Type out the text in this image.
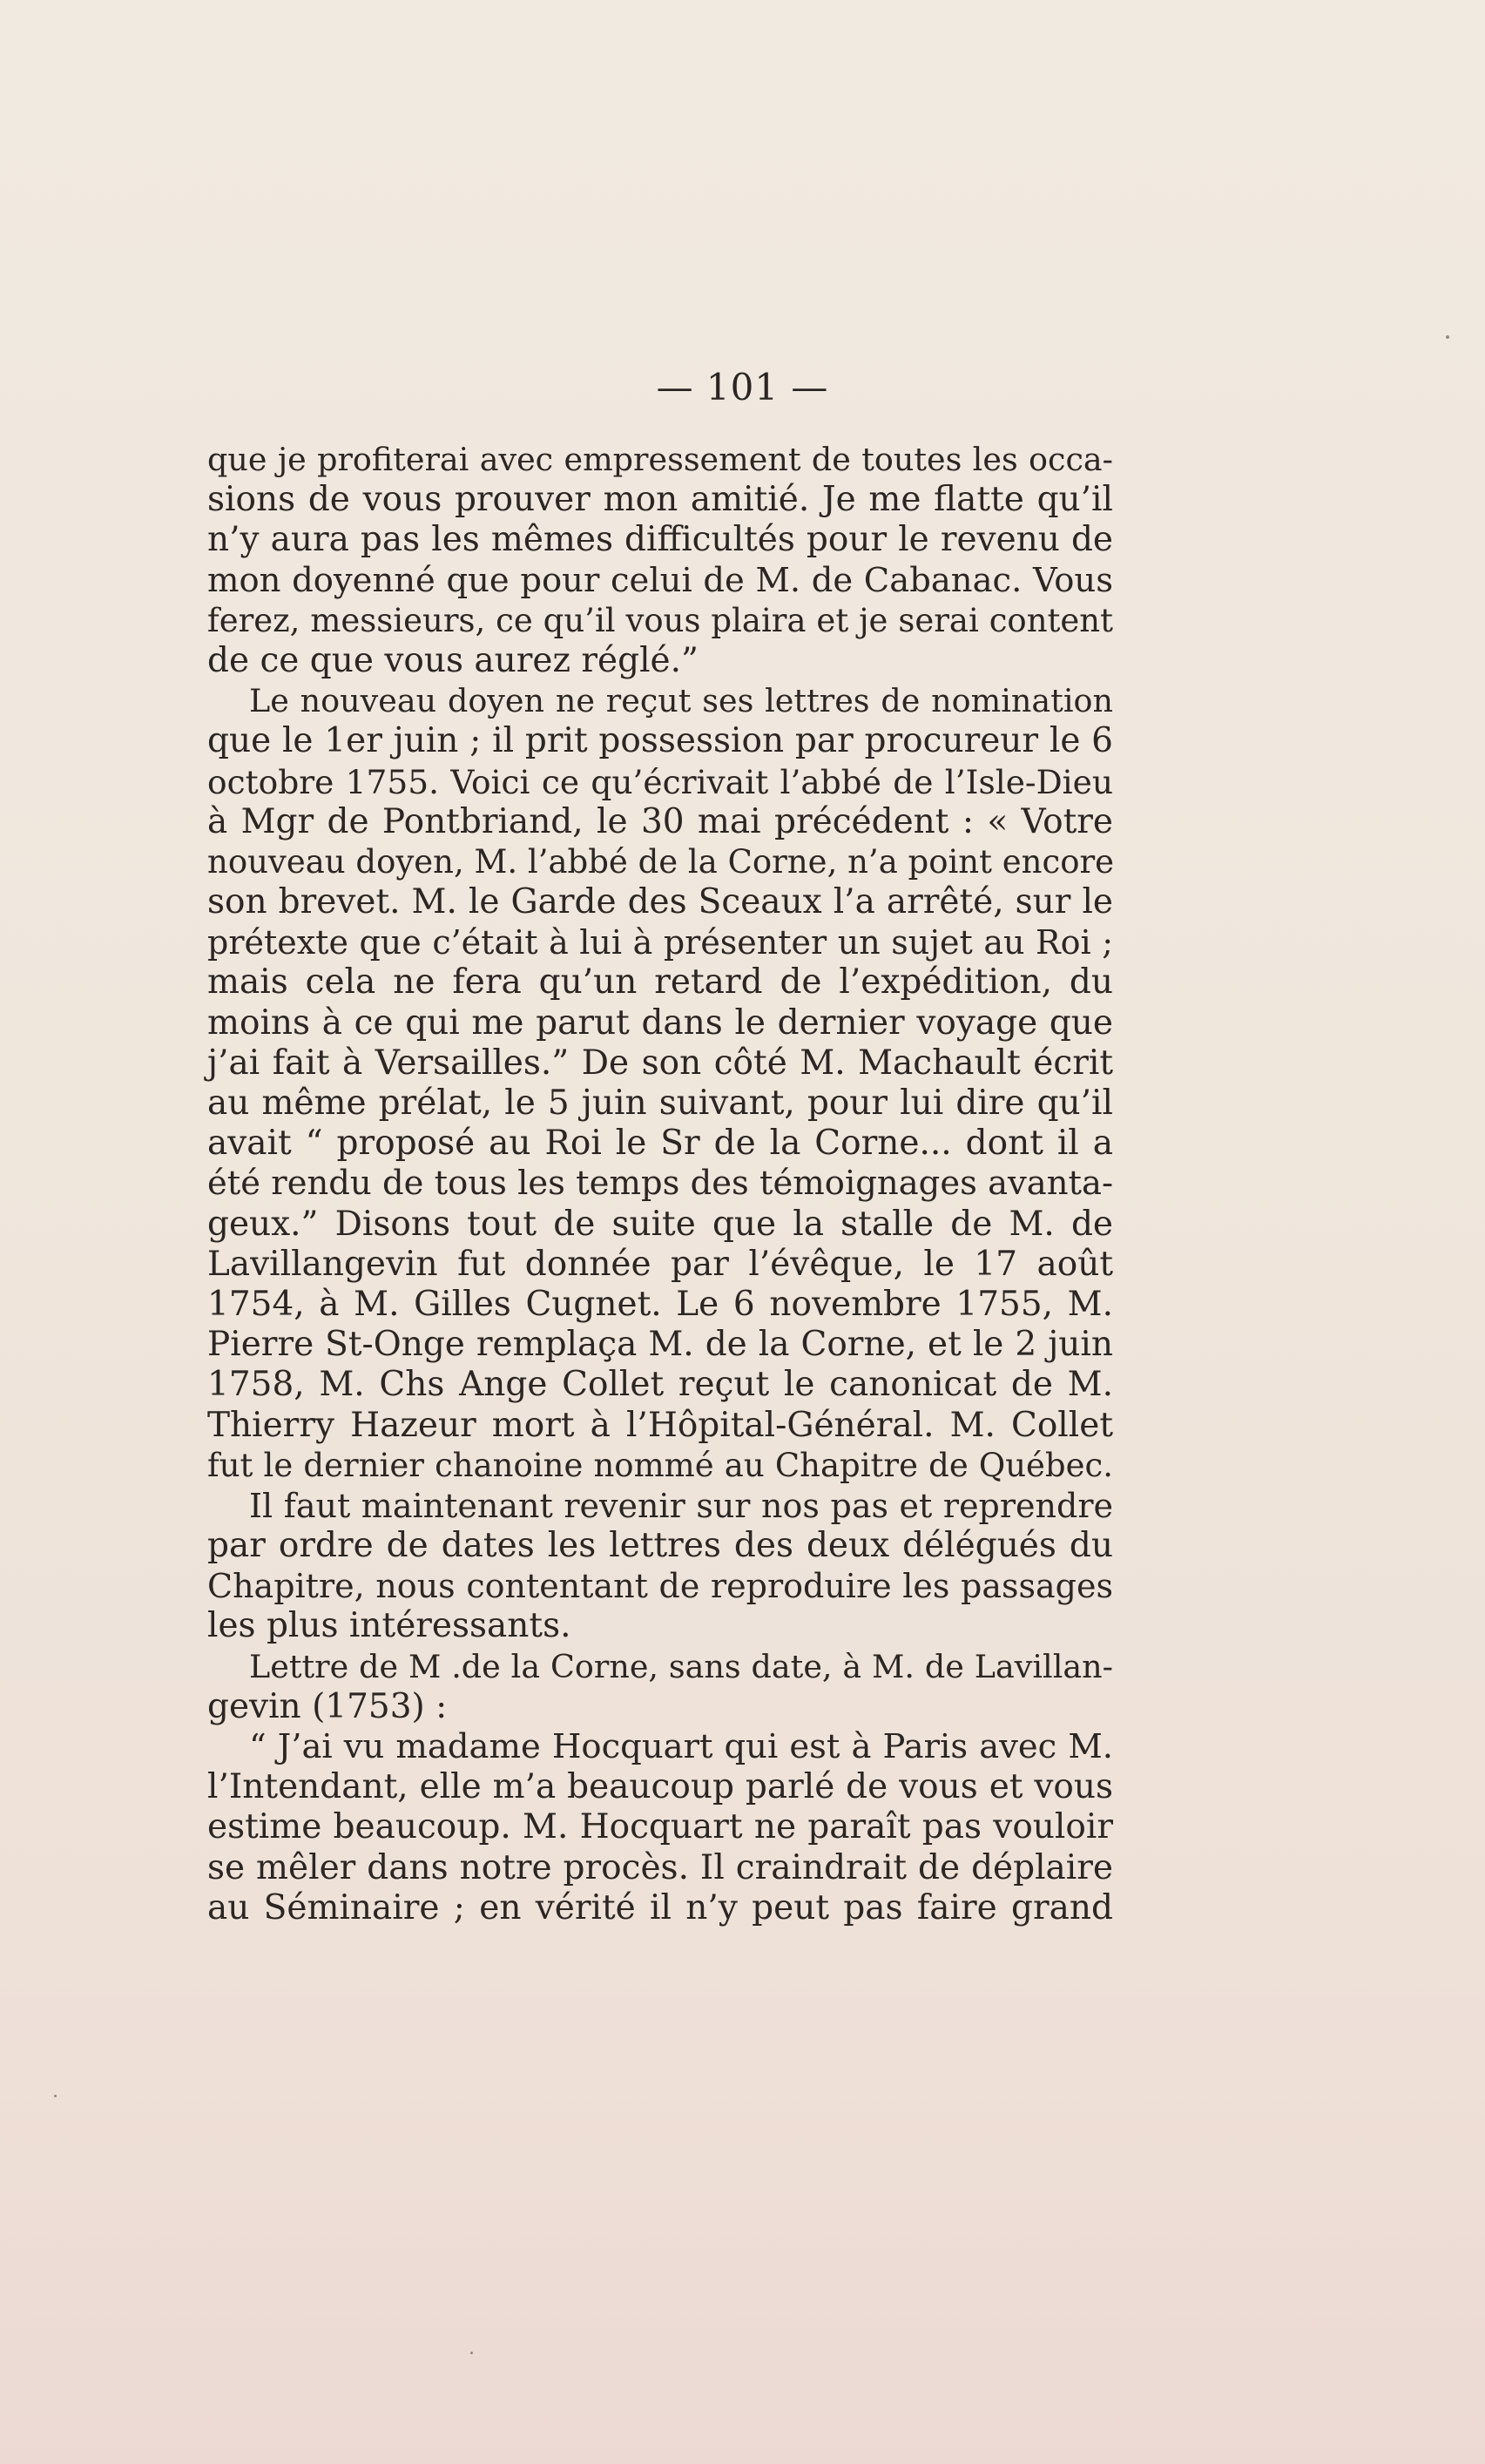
— 101 —
que je profiterai avec empressement de toutes les occa-
sions de vous prouver mon amitié. Je me flatte qu’il
n’y aura pas les mêmes difficultés pour le revenu de
mon doyenné que pour celui de M. de Cabanac. Vous
ferez, messieurs, ce qu’il vous plaira et je serai content
de ce que vous aurez réglé.”
Le nouveau doyen ne reçut ses lettres de nomination
que le 1er juin ; il prit possession par procureur le 6
octobre 1755. Voici ce qu’écrivait l’abbé de l’Isle-Dieu
à Mgr de Pontbriand, le 30 mai précédent : « Votre
nouveau doyen, M. l’abbé de la Corne, n’a point encore
son brevet. M. le Garde des Sceaux l’a arrêté, sur le
prétexte que c’était à lui à présenter un sujet au Roi ;
mais cela ne fera qu’un retard de l’expédition, du
moins à ce qui me parut dans le dernier voyage que
j’ai fait à Versailles.” De son côté M. Machault écrit
au même prélat, le 5 juin suivant, pour lui dire qu’il
avait “ proposé au Roi le Sr de la Corne... dont il a
été rendu de tous les temps des témoignages avanta-
geux.” Disons tout de suite que la stalle de M. de
Lavillangevin fut donnée par l’évêque, le 17 août
1754, à M. Gilles Cugnet. Le 6 novembre 1755, M.
Pierre St-Onge remplaça M. de la Corne, et le 2 juin
1758, M. Chs Ange Collet reçut le canonicat de M.
Thierry Hazeur mort à l’Hôpital-Général. M. Collet
fut le dernier chanoine nommé au Chapitre de Québec.
Il faut maintenant revenir sur nos pas et reprendre
par ordre de dates les lettres des deux délégués du
Chapitre, nous contentant de reproduire les passages
les plus intéressants.
Lettre de M .de la Corne, sans date, à M. de Lavillan-
gevin (1753) :
“ J’ai vu madame Hocquart qui est à Paris avec M.
l’Intendant, elle m’a beaucoup parlé de vous et vous
estime beaucoup. M. Hocquart ne paraît pas vouloir
se mêler dans notre procès. Il craindrait de déplaire
au Séminaire ; en vérité il n’y peut pas faire grand
